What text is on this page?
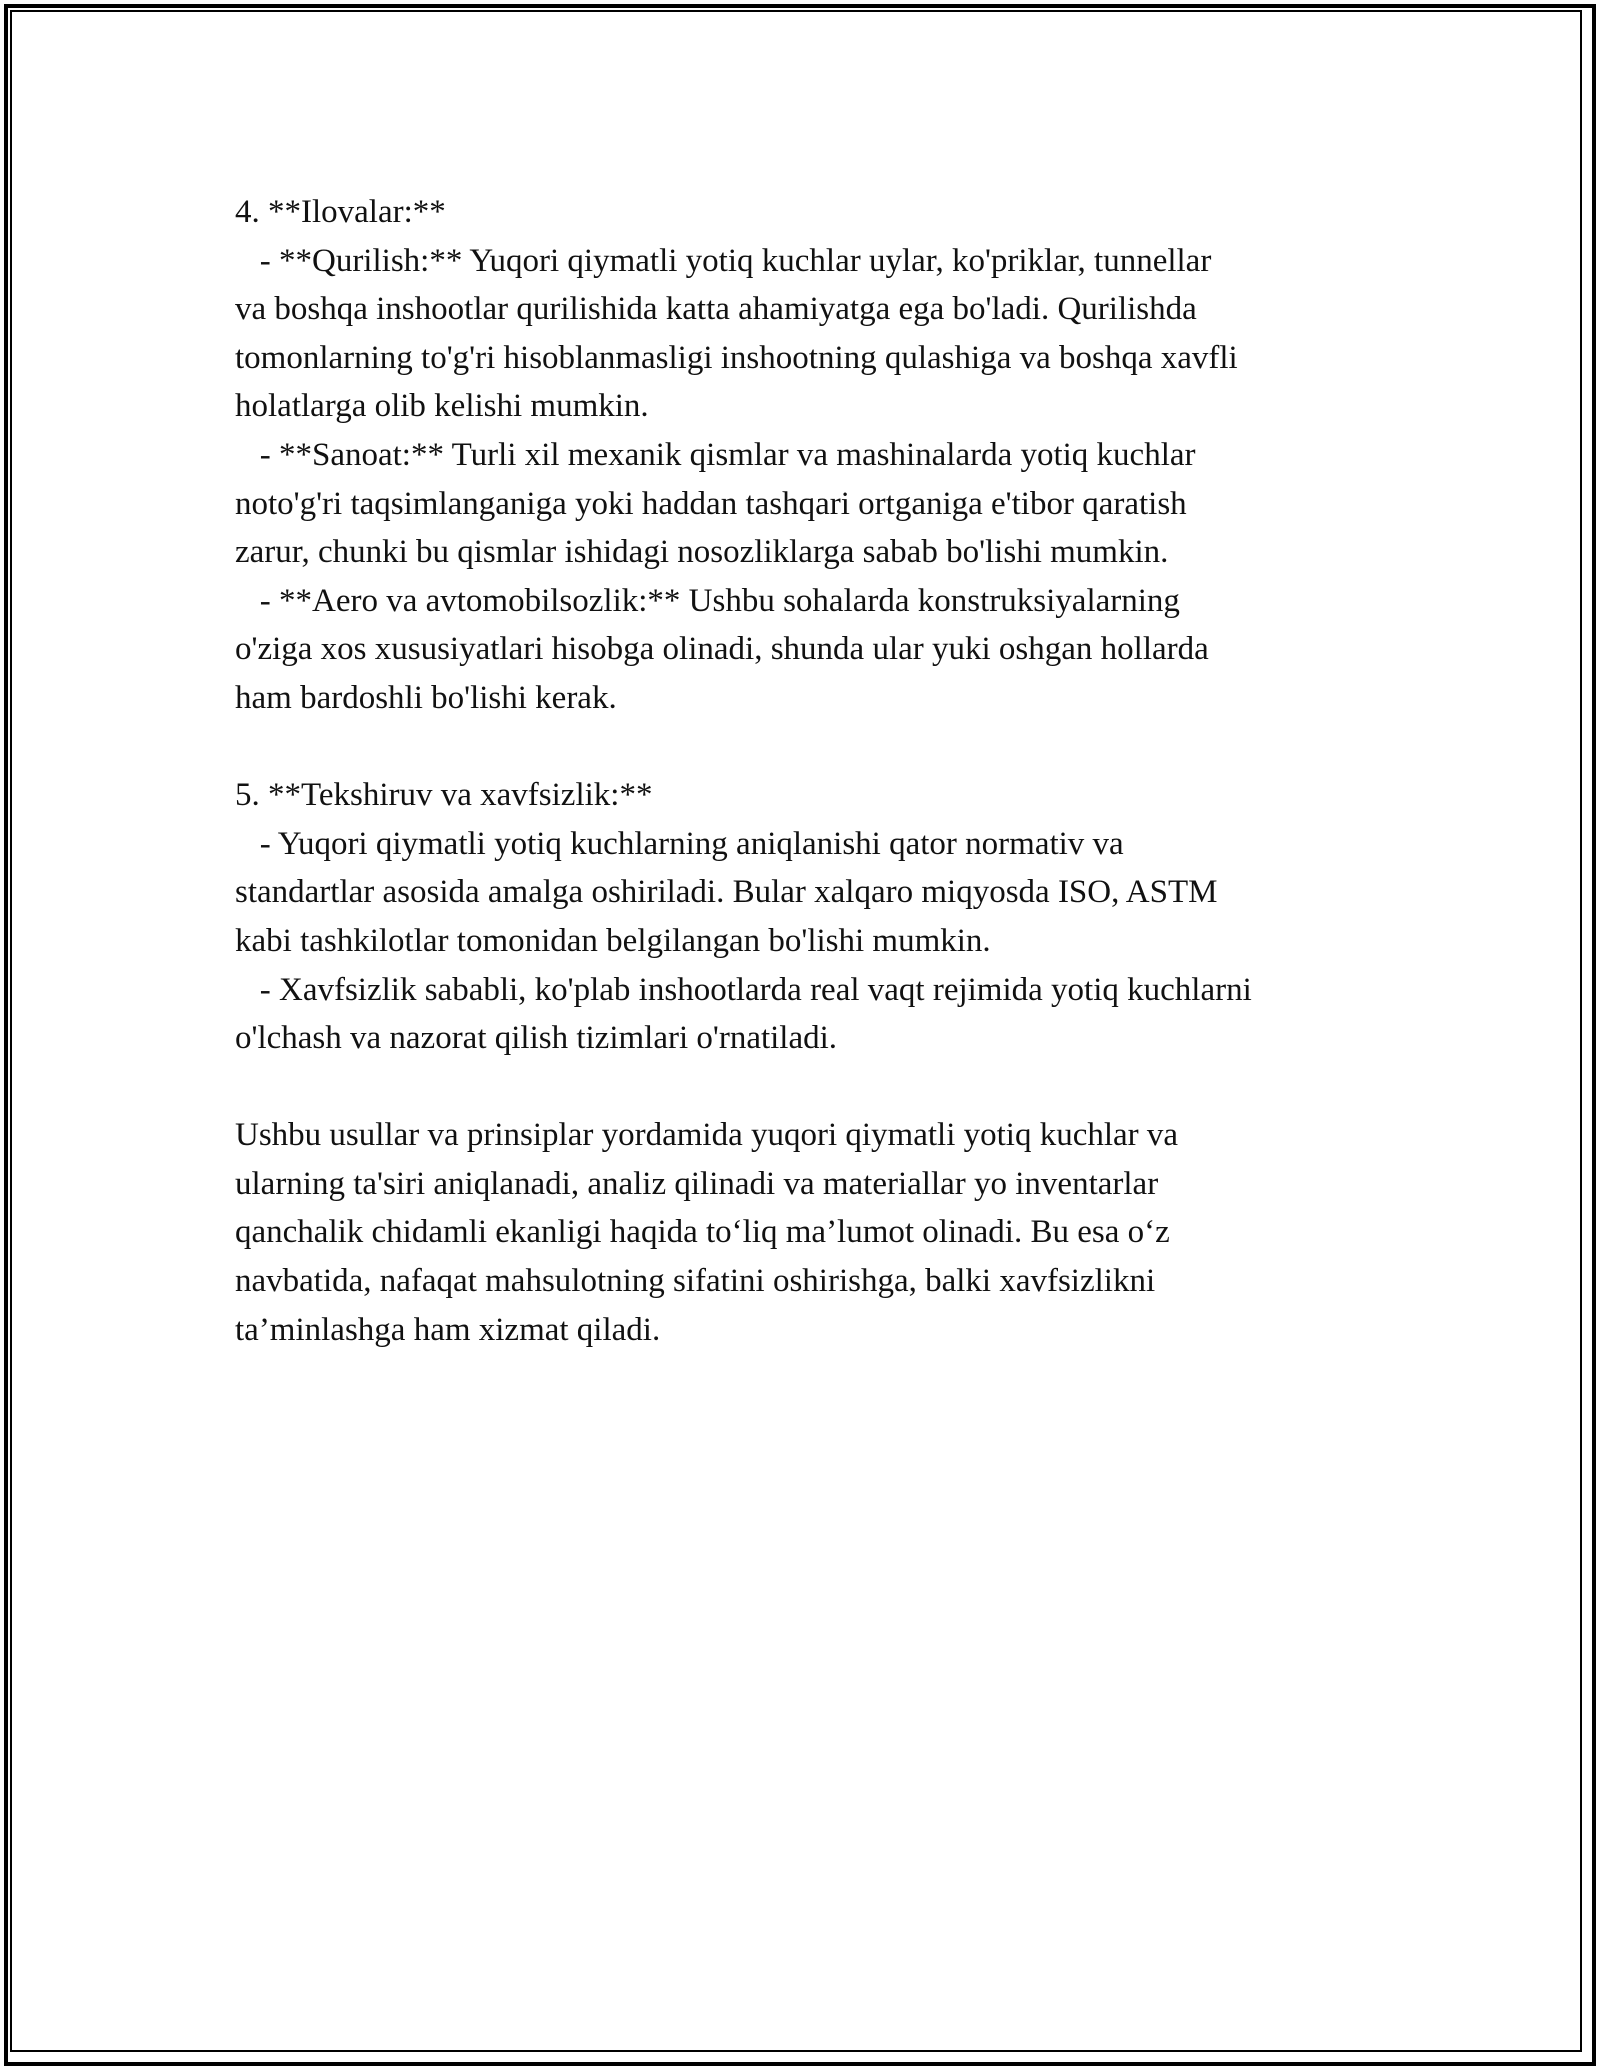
4. **Ilovalar:**
- **Qurilish:** Yuqori qiymatli yotiq kuchlar uylar, ko'priklar, tunnellar
va boshqa inshootlar qurilishida katta ahamiyatga ega bo'ladi. Qurilishda
tomonlarning to'g'ri hisoblanmasligi inshootning qulashiga va boshqa xavfli
holatlarga olib kelishi mumkin.
- **Sanoat:** Turli xil mexanik qismlar va mashinalarda yotiq kuchlar
noto'g'ri taqsimlanganiga yoki haddan tashqari ortganiga e'tibor qaratish
zarur, chunki bu qismlar ishidagi nosozliklarga sabab bo'lishi mumkin.
- **Aero va avtomobilsozlik:** Ushbu sohalarda konstruksiyalarning
o'ziga xos xususiyatlari hisobga olinadi, shunda ular yuki oshgan hollarda
ham bardoshli bo'lishi kerak.
5. **Tekshiruv va xavfsizlik:**
- Yuqori qiymatli yotiq kuchlarning aniqlanishi qator normativ va
standartlar asosida amalga oshiriladi. Bular xalqaro miqyosda ISO, ASTM
kabi tashkilotlar tomonidan belgilangan bo'lishi mumkin.
- Xavfsizlik sababli, ko'plab inshootlarda real vaqt rejimida yotiq kuchlarni
o'lchash va nazorat qilish tizimlari o'rnatiladi.
Ushbu usullar va prinsiplar yordamida yuqori qiymatli yotiq kuchlar va
ularning ta'siri aniqlanadi, analiz qilinadi va materiallar yo inventarlar
qanchalik chidamli ekanligi haqida to‘liq ma’lumot olinadi. Bu esa o‘z
navbatida, nafaqat mahsulotning sifatini oshirishga, balki xavfsizlikni
ta’minlashga ham xizmat qiladi.
